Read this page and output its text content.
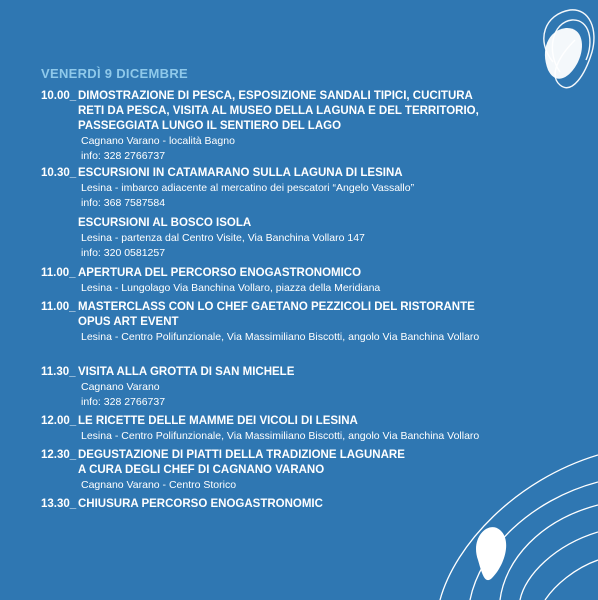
VENERDÌ 9 DICEMBRE
10.00_ DIMOSTRAZIONE DI PESCA, ESPOSIZIONE SANDALI TIPICI, CUCITURA
RETI DA PESCA, VISITA AL MUSEO DELLA LAGUNA E DEL TERRITORIO,
PASSEGGIATA LUNGO IL SENTIERO DEL LAGO
Cagnano Varano - località Bagno
info: 328 2766737
10.30_ ESCURSIONI IN CATAMARANO SULLA LAGUNA DI LESINA
Lesina - imbarco adiacente al mercatino dei pescatori “Angelo Vassallo”
info: 368 7587584
ESCURSIONI AL BOSCO ISOLA
Lesina - partenza dal Centro Visite, Via Banchina Vollaro 147
info: 320 0581257
11.00_ APERTURA DEL PERCORSO ENOGASTRONOMICO
Lesina - Lungolago Via Banchina Vollaro, piazza della Meridiana
11.00_ MASTERCLASS CON LO CHEF GAETANO PEZZICOLI DEL RISTORANTE
OPUS ART EVENT
Lesina - Centro Polifunzionale, Via Massimiliano Biscotti, angolo Via Banchina Vollaro
11.30_ VISITA ALLA GROTTA DI SAN MICHELE
Cagnano Varano
info: 328 2766737
12.00_ LE RICETTE DELLE MAMME DEI VICOLI DI LESINA
Lesina - Centro Polifunzionale, Via Massimiliano Biscotti, angolo Via Banchina Vollaro
12.30_ DEGUSTAZIONE DI PIATTI DELLA TRADIZIONE LAGUNARE
A CURA DEGLI CHEF DI CAGNANO VARANO
Cagnano Varano - Centro Storico
13.30_ CHIUSURA PERCORSO ENOGASTRONOMIC
